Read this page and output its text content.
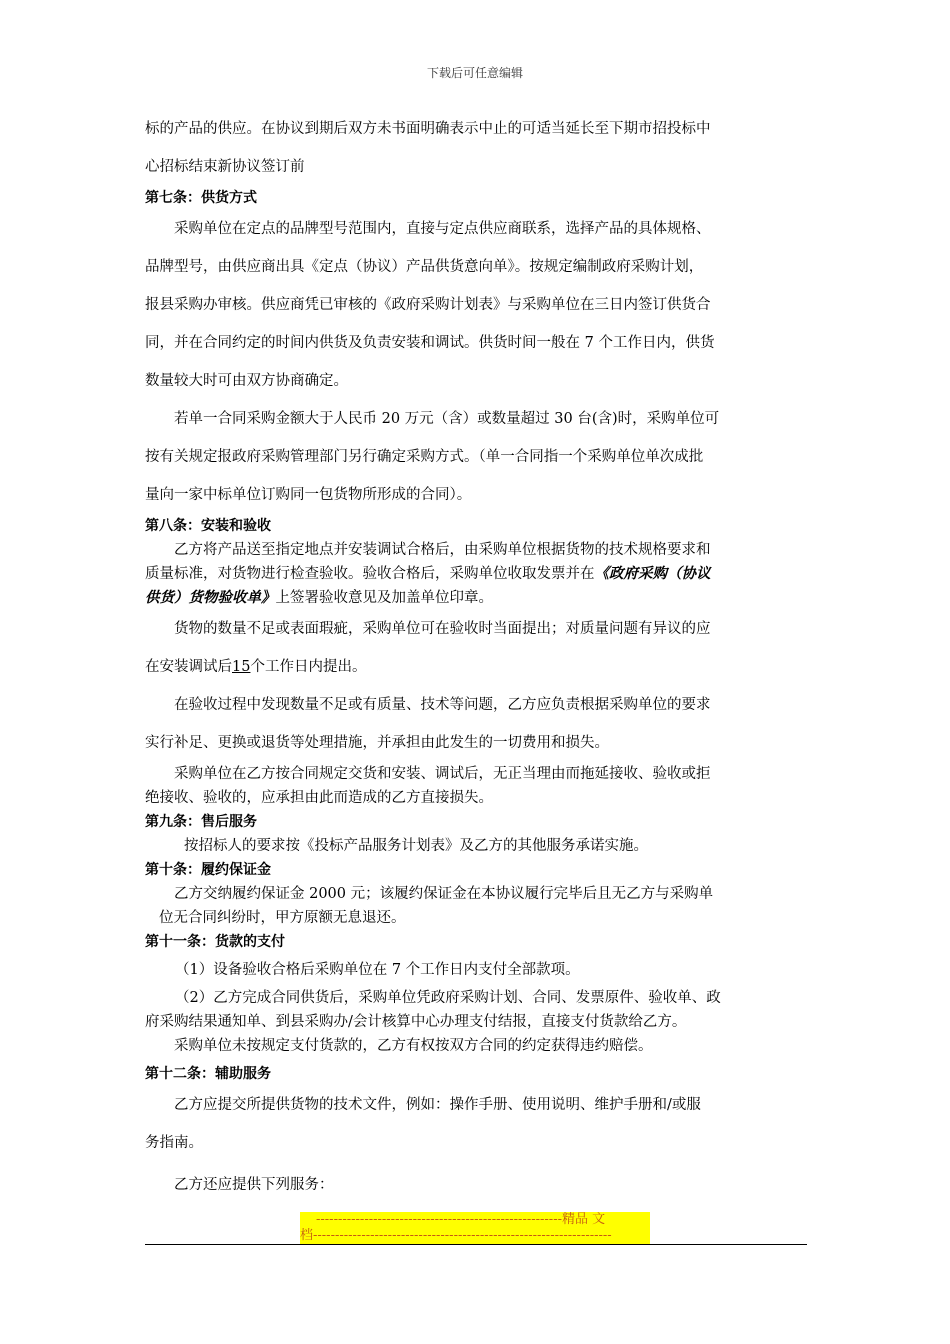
下载后可任意编辑

标的产品的供应。在协议到期后双方未书面明确表示中止的可适当延长至下期市招投标中

心招标结束新协议签订前

第七条：供货方式

采购单位在定点的品牌型号范围内，直接与定点供应商联系，选择产品的具体规格、

品牌型号，由供应商出具《定点（协议）产品供货意向单》。按规定编制政府采购计划，

报县采购办审核。供应商凭已审核的《政府采购计划表》与采购单位在三日内签订供货合

同，并在合同约定的时间内供货及负责安装和调试。供货时间一般在 7 个工作日内，供货

数量较大时可由双方协商确定。

若单一合同采购金额大于人民币 20 万元（含）或数量超过 30 台(含)时，采购单位可

按有关规定报政府采购管理部门另行确定采购方式。（单一合同指一个采购单位单次成批

量向一家中标单位订购同一包货物所形成的合同）。

第八条：安装和验收

乙方将产品送至指定地点并安装调试合格后，由采购单位根据货物的技术规格要求和

质量标准，对货物进行检查验收。验收合格后，采购单位收取发票并在《政府采购（协议

供货）货物验收单》上签署验收意见及加盖单位印章。

货物的数量不足或表面瑕疵，采购单位可在验收时当面提出；对质量问题有异议的应

在安装调试后15个工作日内提出。

在验收过程中发现数量不足或有质量、技术等问题，乙方应负责根据采购单位的要求

实行补足、更换或退货等处理措施，并承担由此发生的一切费用和损失。

采购单位在乙方按合同规定交货和安装、调试后，无正当理由而拖延接收、验收或拒

绝接收、验收的，应承担由此而造成的乙方直接损失。

第九条：售后服务

按招标人的要求按《投标产品服务计划表》及乙方的其他服务承诺实施。

第十条：履约保证金

乙方交纳履约保证金 2000 元；该履约保证金在本协议履行完毕后且无乙方与采购单

位无合同纠纷时，甲方原额无息退还。

第十一条：货款的支付

（1）设备验收合格后采购单位在 7 个工作日内支付全部款项。

（2）乙方完成合同供货后，采购单位凭政府采购计划、合同、发票原件、验收单、政

府采购结果通知单、到县采购办/会计核算中心办理支付结报，直接支付货款给乙方。

采购单位未按规定支付货款的，乙方有权按双方合同的约定获得违约赔偿。

第十二条：辅助服务

乙方应提交所提供货物的技术文件，例如：操作手册、使用说明、维护手册和/或服

务指南。

乙方还应提供下列服务：

--------------------------------------------------------精品 文
档--------------------------------------------------------------------
